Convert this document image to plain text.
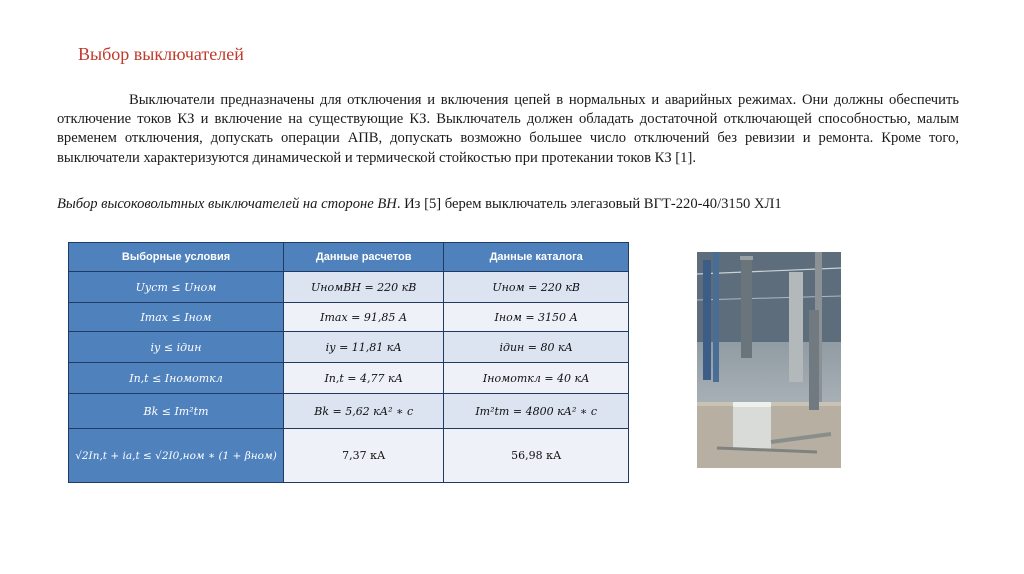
Выбор выключателей
Выключатели предназначены для отключения и включения цепей в нормальных и аварийных режимах. Они должны обеспечить отключение токов КЗ и включение на существующие КЗ. Выключатель должен обладать достаточной отключающей способностью, малым временем отключения, допускать операции АПВ, допускать возможно большее число отключений без ревизии и ремонта. Кроме того, выключатели характеризуются динамической и термической стойкостью при протекании токов КЗ [1].
Выбор высоковольтных выключателей на стороне ВН. Из [5] берем выключатель элегазовый ВГТ-220-40/3150 ХЛ1
Выборные условия	Данные расчетов	Данные каталога
Uуст ≤ Uном	UномВН = 220 кВ	Uном = 220 кВ
Imax ≤ Iном	Imax = 91,85 А	Iном = 3150 А
iу ≤ iдин	iу = 11,81 кА	iдин = 80 кА
Iп,t ≤ Iномоткл	Iп,t = 4,77 кА	Iномоткл = 40 кА
Bk ≤ Iт²tт	Bk = 5,62 кА² ∗ с	Iт²tт = 4800 кА² ∗ с
√2Iп,t + iа,t ≤ √2I0,ном ∗ (1 + βном)	7,37 кА	56,98 кА
